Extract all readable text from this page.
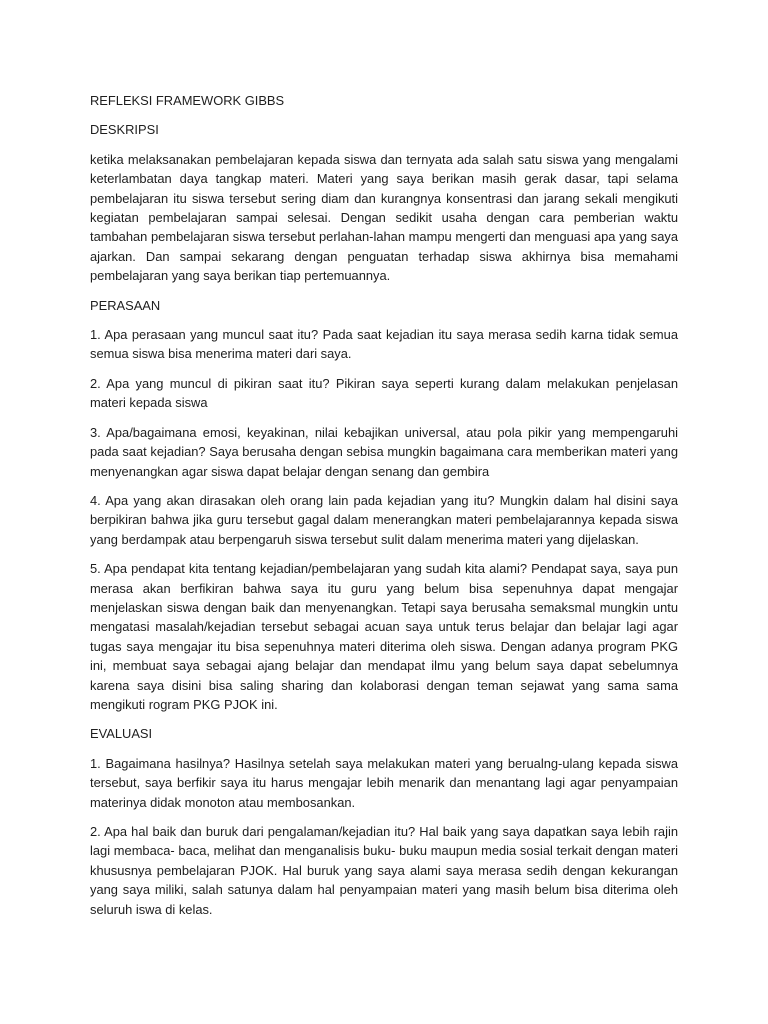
REFLEKSI FRAMEWORK GIBBS

DESKRIPSI

ketika melaksanakan pembelajaran kepada siswa dan ternyata ada salah satu siswa yang mengalami keterlambatan daya tangkap materi. Materi yang saya berikan masih gerak dasar, tapi selama pembelajaran itu siswa tersebut sering diam dan kurangnya konsentrasi dan jarang sekali mengikuti kegiatan pembelajaran sampai selesai. Dengan sedikit usaha dengan cara pemberian waktu tambahan pembelajaran siswa tersebut perlahan-lahan mampu mengerti dan menguasi apa yang saya ajarkan. Dan sampai sekarang dengan penguatan terhadap siswa akhirnya bisa memahami pembelajaran yang saya berikan tiap pertemuannya.

PERASAAN

1. Apa perasaan yang muncul saat itu? Pada saat kejadian itu saya merasa sedih karna tidak semua semua siswa bisa menerima materi dari saya.

2. Apa yang muncul di pikiran saat itu? Pikiran saya seperti kurang dalam melakukan penjelasan materi kepada siswa

3. Apa/bagaimana emosi, keyakinan, nilai kebajikan universal, atau pola pikir yang mempengaruhi pada saat kejadian? Saya berusaha dengan sebisa mungkin bagaimana cara memberikan materi yang menyenangkan agar siswa dapat belajar dengan senang dan gembira

4. Apa yang akan dirasakan oleh orang lain pada kejadian yang itu? Mungkin dalam hal disini saya berpikiran bahwa jika guru tersebut gagal dalam menerangkan materi pembelajarannya kepada siswa yang berdampak atau berpengaruh siswa tersebut sulit dalam menerima materi yang dijelaskan.

5. Apa pendapat kita tentang kejadian/pembelajaran yang sudah kita alami? Pendapat saya, saya pun merasa akan berfikiran bahwa saya itu guru yang belum bisa sepenuhnya dapat mengajar menjelaskan siswa dengan baik dan menyenangkan. Tetapi saya berusaha semaksmal mungkin untu mengatasi masalah/kejadian tersebut sebagai acuan saya untuk terus belajar dan belajar lagi agar tugas saya mengajar itu bisa sepenuhnya materi diterima oleh siswa. Dengan adanya program PKG ini, membuat saya sebagai ajang belajar dan mendapat ilmu yang belum saya dapat sebelumnya karena saya disini bisa saling sharing dan kolaborasi dengan teman sejawat yang sama sama mengikuti rogram PKG PJOK ini.

EVALUASI

1. Bagaimana hasilnya? Hasilnya setelah saya melakukan materi yang berualng-ulang kepada siswa tersebut, saya berfikir saya itu harus mengajar lebih menarik dan menantang lagi agar penyampaian materinya didak monoton atau membosankan.

2. Apa hal baik dan buruk dari pengalaman/kejadian itu? Hal baik yang saya dapatkan saya lebih rajin lagi membaca- baca, melihat dan menganalisis buku- buku maupun media sosial terkait dengan materi khususnya pembelajaran PJOK. Hal buruk yang saya alami saya merasa sedih dengan kekurangan yang saya miliki, salah satunya dalam hal penyampaian materi yang masih belum bisa diterima oleh seluruh iswa di kelas.
